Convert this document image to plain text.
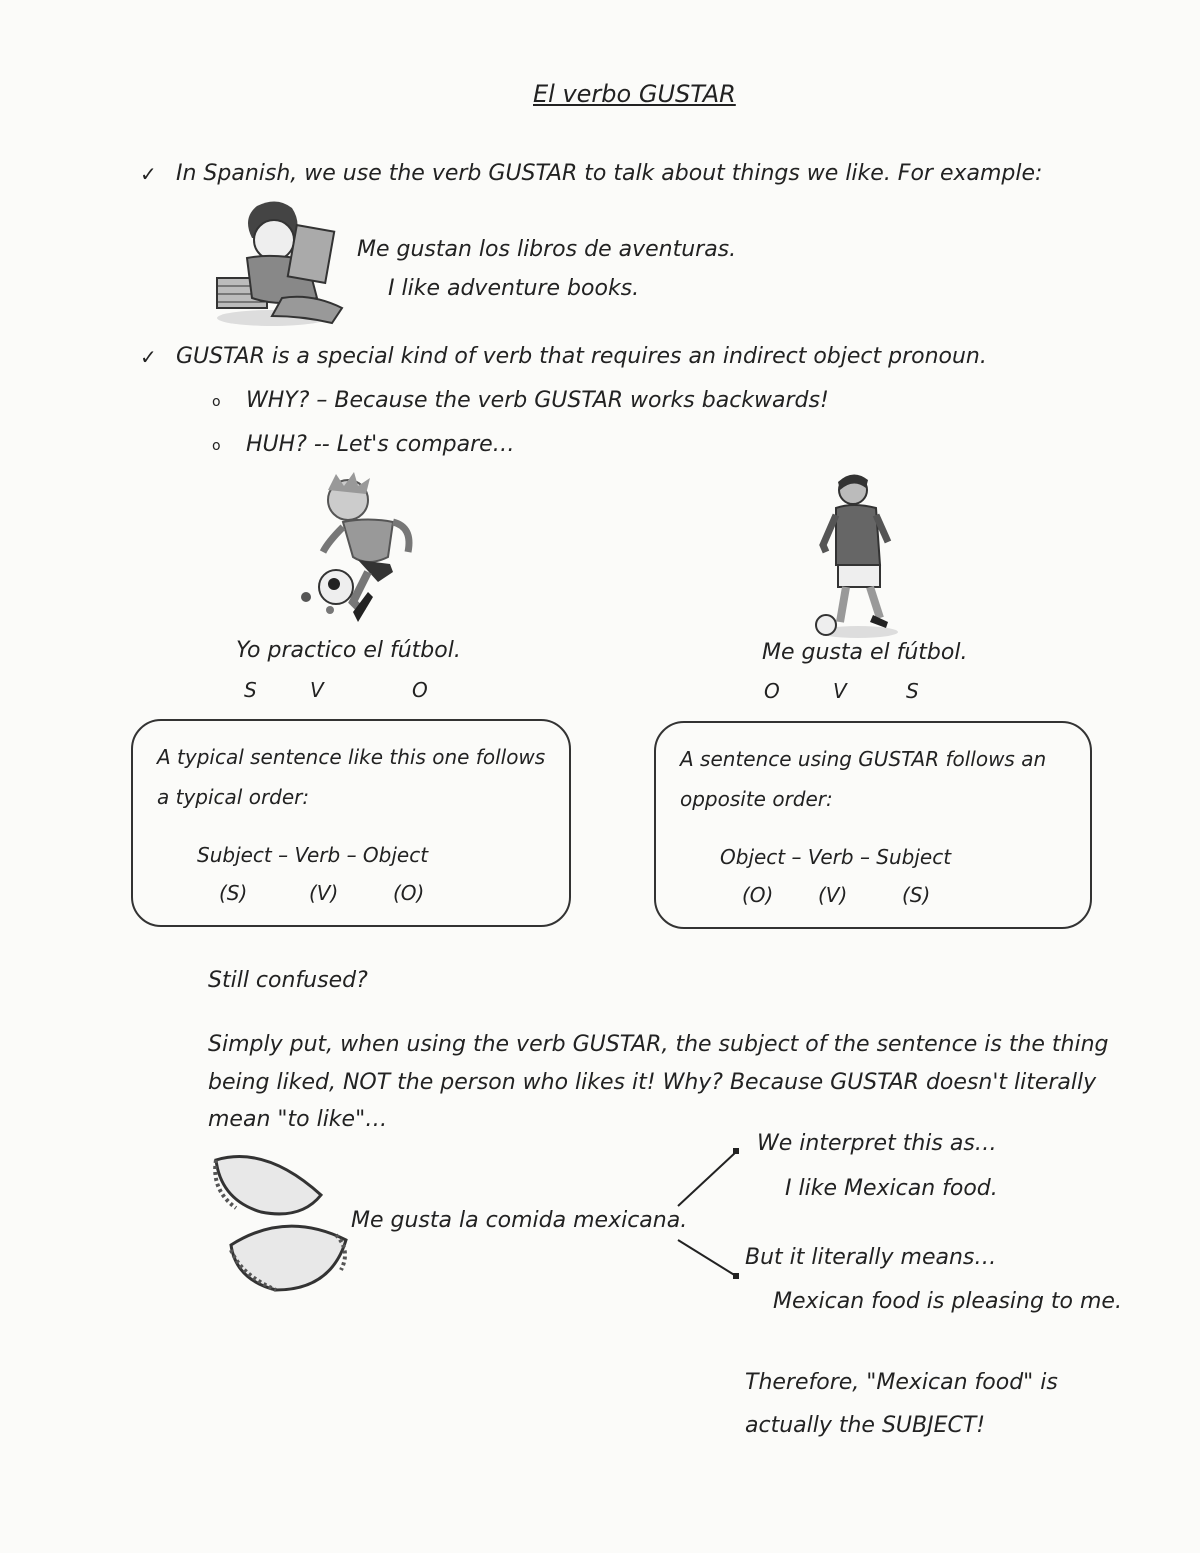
El verbo GUSTAR
✓ In Spanish, we use the verb GUSTAR to talk about things we like. For example:
Me gustan los libros de aventuras.
I like adventure books.
✓ GUSTAR is a special kind of verb that requires an indirect object pronoun.
o WHY? – Because the verb GUSTAR works backwards!
o HUH? -- Let's compare…
Yo practico el fútbol.
S	V	O
Me gusta el fútbol.
O	V	S
A typical sentence like this one follows
a typical order:
Subject – Verb – Object
(S)	(V)	(O)
A sentence using GUSTAR follows an
opposite order:
Object – Verb – Subject
(O) (V)	(S)
Still confused?
Simply put, when using the verb GUSTAR, the subject of the sentence is the thing
being liked, NOT the person who likes it! Why? Because GUSTAR doesn't literally
mean "to like"…
Me gusta la comida mexicana.
We interpret this as…
I like Mexican food.
But it literally means…
Mexican food is pleasing to me.
Therefore, "Mexican food" is
actually the SUBJECT!
